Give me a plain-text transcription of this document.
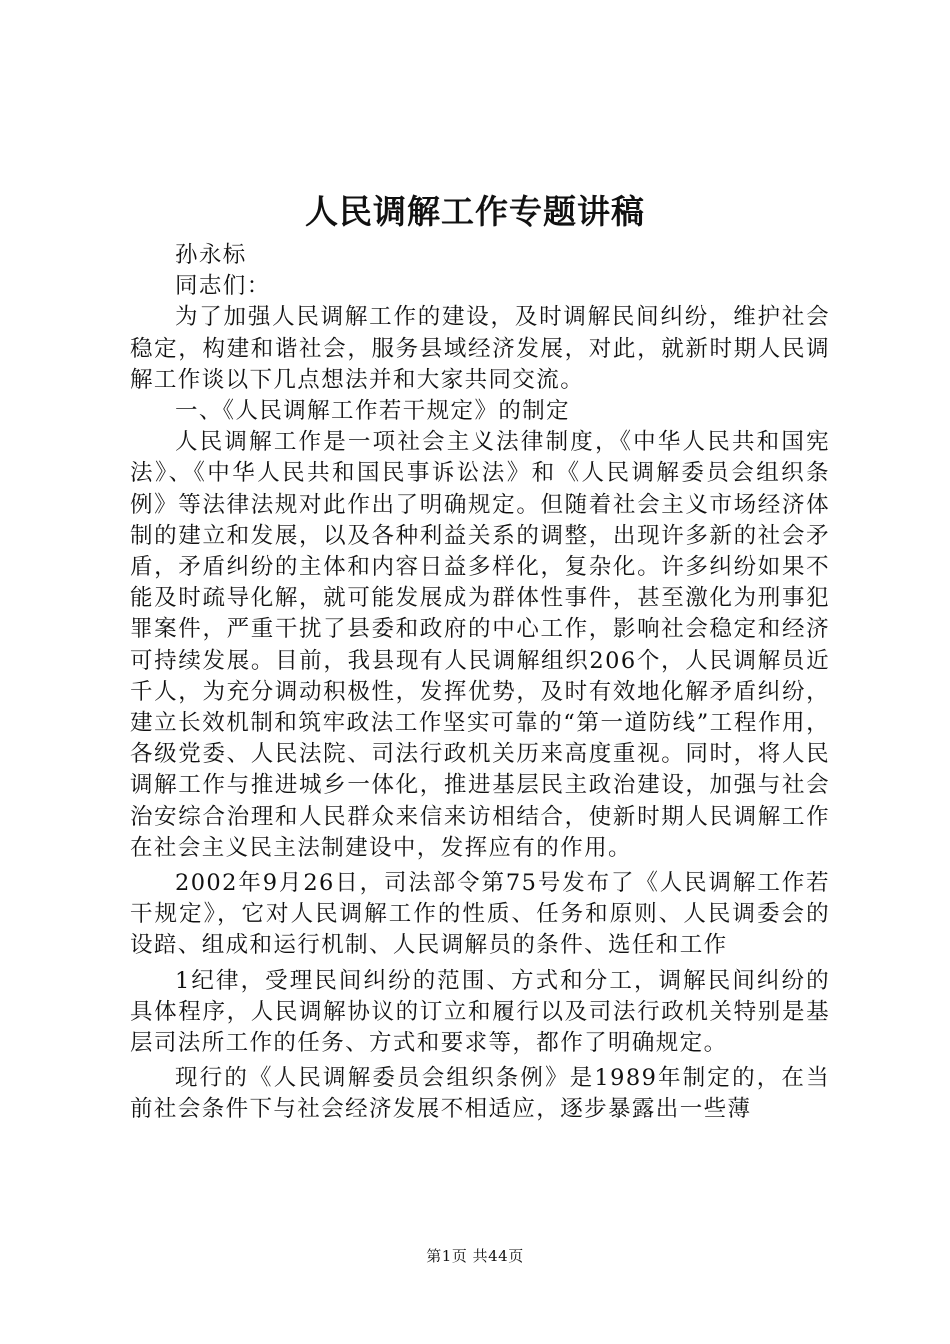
人民调解工作专题讲稿

孙永标

同志们：

为了加强人民调解工作的建设，及时调解民间纠纷，维护社会稳定，构建和谐社会，服务县域经济发展，对此，就新时期人民调解工作谈以下几点想法并和大家共同交流。

一、《人民调解工作若干规定》的制定

人民调解工作是一项社会主义法律制度，《中华人民共和国宪法》、《中华人民共和国民事诉讼法》和《人民调解委员会组织条例》等法律法规对此作出了明确规定。但随着社会主义市场经济体制的建立和发展，以及各种利益关系的调整，出现许多新的社会矛盾，矛盾纠纷的主体和内容日益多样化，复杂化。许多纠纷如果不能及时疏导化解，就可能发展成为群体性事件，甚至激化为刑事犯罪案件，严重干扰了县委和政府的中心工作，影响社会稳定和经济可持续发展。目前，我县现有人民调解组织206个，人民调解员近千人，为充分调动积极性，发挥优势，及时有效地化解矛盾纠纷，建立长效机制和筑牢政法工作坚实可靠的“第一道防线”工程作用，各级党委、人民法院、司法行政机关历来高度重视。同时，将人民调解工作与推进城乡一体化，推进基层民主政治建设，加强与社会治安综合治理和人民群众来信来访相结合，使新时期人民调解工作在社会主义民主法制建设中，发挥应有的作用。

2002年9月26日，司法部令第75号发布了《人民调解工作若干规定》，它对人民调解工作的性质、任务和原则、人民调委会的设踣、组成和运行机制、人民调解员的条件、选任和工作

1纪律，受理民间纠纷的范围、方式和分工，调解民间纠纷的具体程序，人民调解协议的订立和履行以及司法行政机关特别是基层司法所工作的任务、方式和要求等，都作了明确规定。

现行的《人民调解委员会组织条例》是1989年制定的，在当前社会条件下与社会经济发展不相适应，逐步暴露出一些薄

第1页 共44页
